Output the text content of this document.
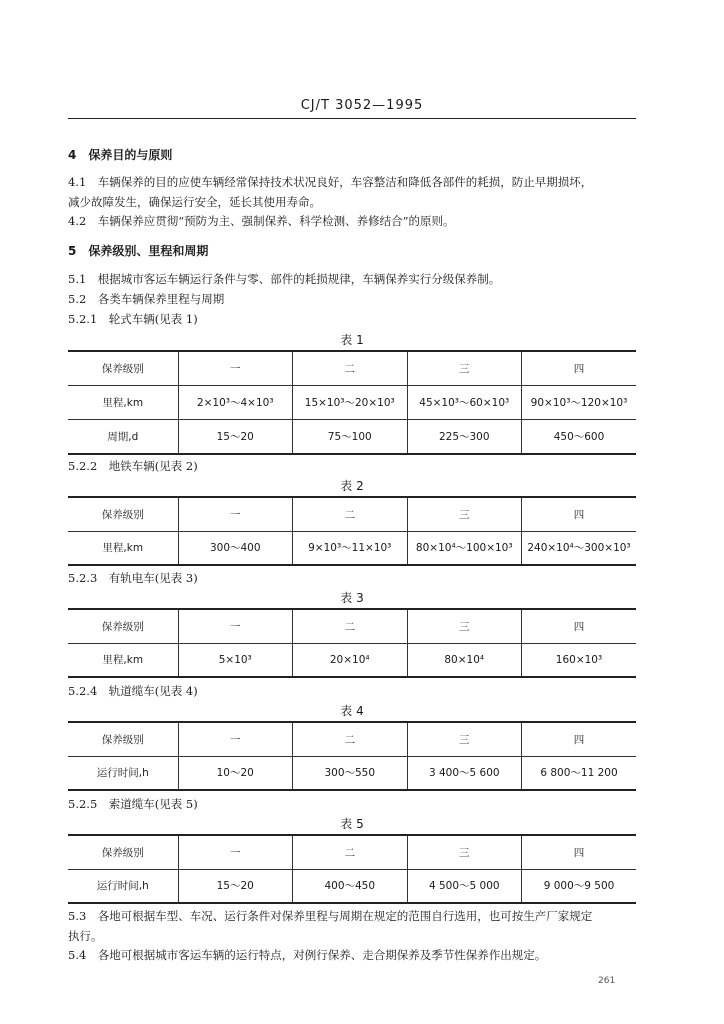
CJ/T 3052—1995
4　保养目的与原则
4.1　车辆保养的目的应使车辆经常保持技术状况良好，车容整洁和降低各部件的耗损，防止早期损坏，
减少故障发生，确保运行安全，延长其使用寿命。
4.2　车辆保养应贯彻“预防为主、强制保养、科学检测、养修结合”的原则。
5　保养级别、里程和周期
5.1　根据城市客运车辆运行条件与零、部件的耗损规律，车辆保养实行分级保养制。
5.2　各类车辆保养里程与周期
5.2.1　轮式车辆(见表 1)
表 1
保养级别	一	二	三	四
里程,km	2×10³～4×10³	15×10³～20×10³	45×10³～60×10³	90×10³～120×10³
周期,d	15～20	75～100	225～300	450～600
5.2.2　地铁车辆(见表 2)
表 2
保养级别	一	二	三	四
里程,km	300～400	9×10³～11×10³	80×10⁴～100×10³	240×10⁴～300×10³
5.2.3　有轨电车(见表 3)
表 3
保养级别	一	二	三	四
里程,km	5×10³	20×10⁴	80×10⁴	160×10³
5.2.4　轨道缆车(见表 4)
表 4
保养级别	一	二	三	四
运行时间,h	10～20	300～550	3 400～5 600	6 800～11 200
5.2.5　索道缆车(见表 5)
表 5
保养级别	一	二	三	四
运行时间,h	15～20	400～450	4 500～5 000	9 000～9 500
5.3　各地可根据车型、车况、运行条件对保养里程与周期在规定的范围自行选用，也可按生产厂家规定
执行。
5.4　各地可根据城市客运车辆的运行特点，对例行保养、走合期保养及季节性保养作出规定。
261
